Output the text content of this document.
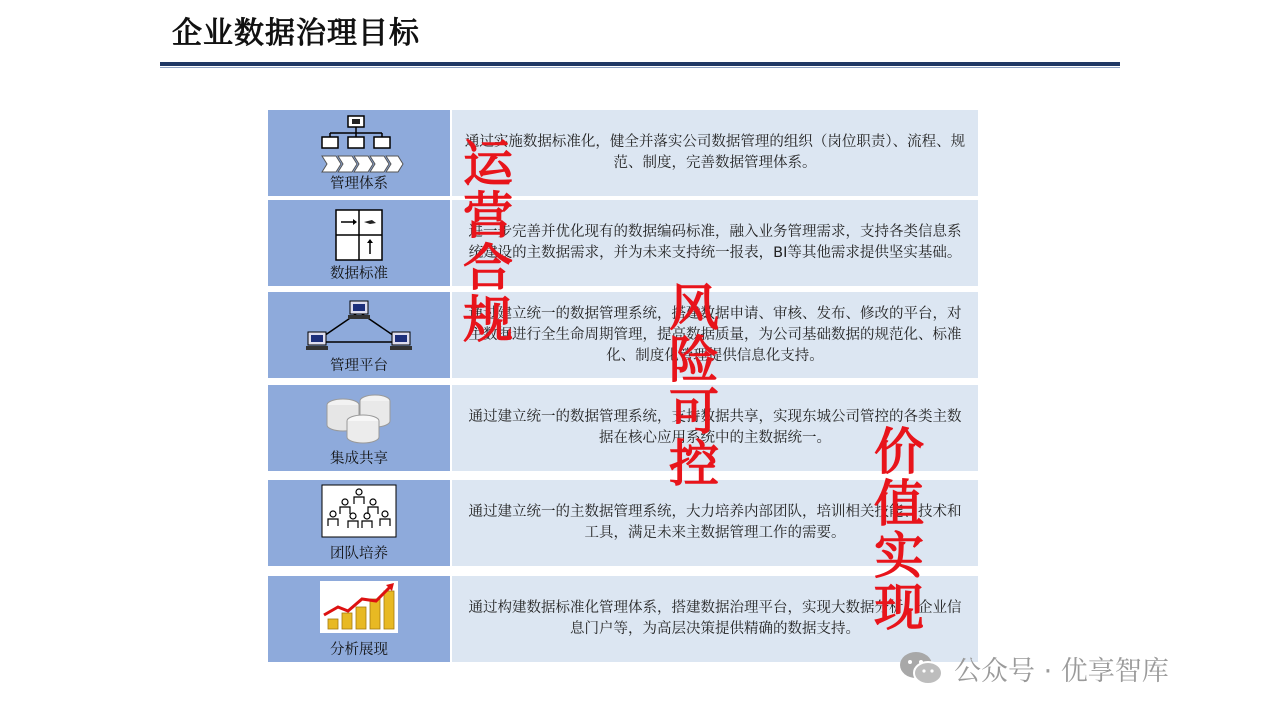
企业数据治理目标
管理体系
通过实施数据标准化，健全并落实公司数据管理的组织（岗位职责）、流程、规范、制度，完善数据管理体系。
数据标准
进一步完善并优化现有的数据编码标准，融入业务管理需求，支持各类信息系统建设的主数据需求，并为未来支持统一报表，BI等其他需求提供坚实基础。
管理平台
通过建立统一的数据管理系统，搭建数据申请、审核、发布、修改的平台，对主数据进行全生命周期管理，提高数据质量，为公司基础数据的规范化、标准化、制度化管理提供信息化支持。
集成共享
通过建立统一的数据管理系统，支持数据共享，实现东城公司管控的各类主数据在核心应用系统中的主数据统一。
团队培养
通过建立统一的主数据管理系统，大力培养内部团队，培训相关技能、技术和工具，满足未来主数据管理工作的需要。
分析展现
通过构建数据标准化管理体系，搭建数据治理平台，实现大数据分析，企业信息门户等，为高层决策提供精确的数据支持。
运营合规	风险可控	价值实现
公众号 · 优享智库
